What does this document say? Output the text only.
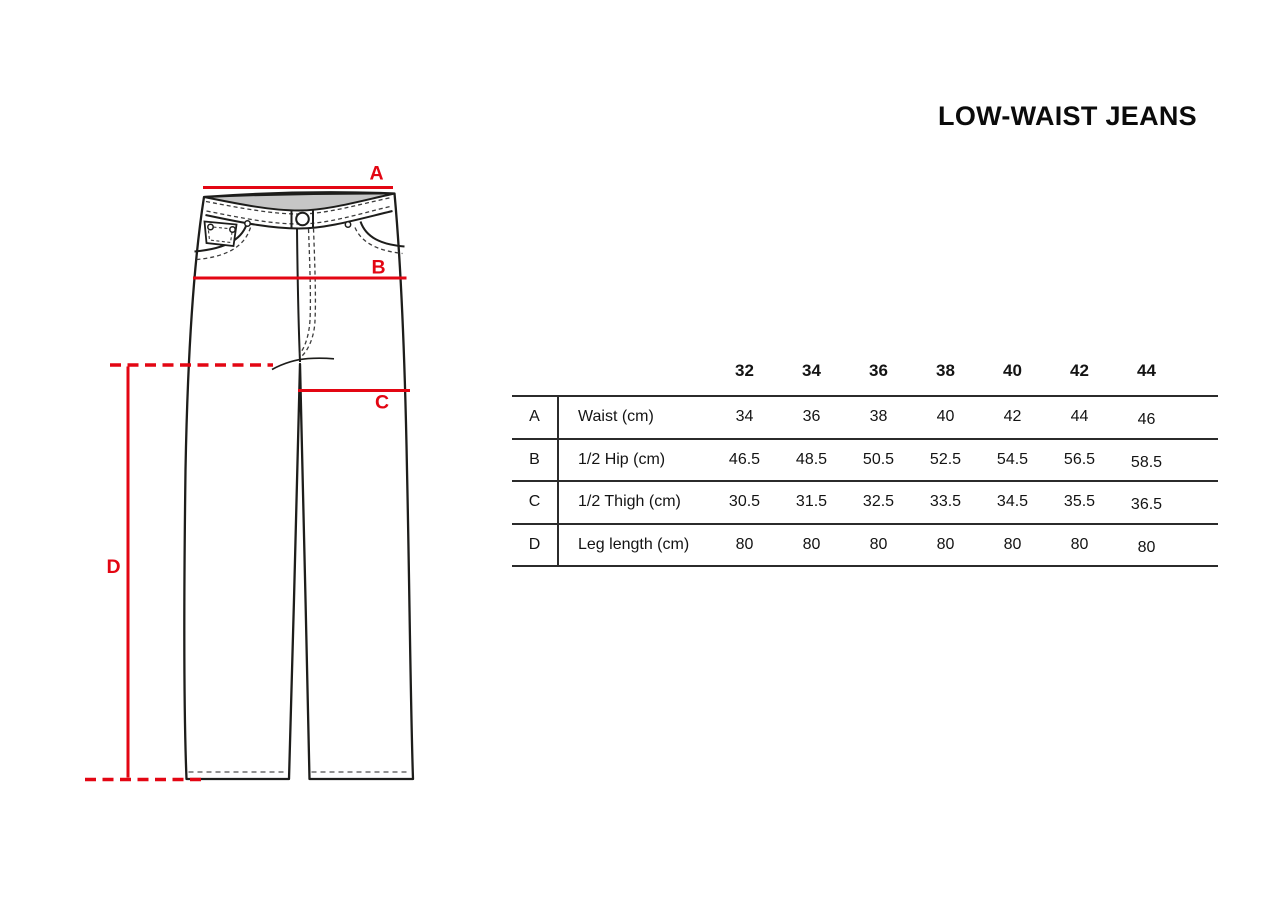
A
B
C
D
LOW-WAIST JEANS
32	34	36	38	40	42	44
A	Waist (cm)	34	36	38	40	42	44	46
B	1/2 Hip (cm)	46.5	48.5	50.5	52.5	54.5	56.5	58.5
C	1/2 Thigh (cm)	30.5	31.5	32.5	33.5	34.5	35.5	36.5
D	Leg length (cm)	80	80	80	80	80	80	80
